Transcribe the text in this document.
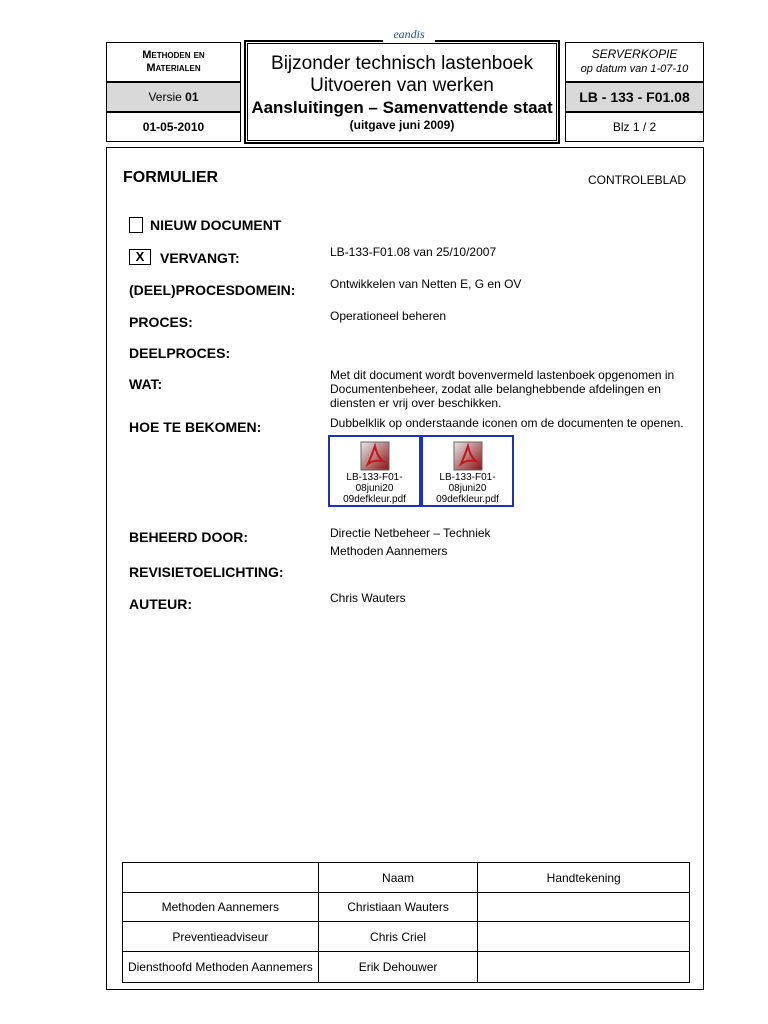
Methoden en
Materialen
Versie
01
01-05-2010
Bijzonder technisch lastenboek
Uitvoeren van werken
Aansluitingen – Samenvattende staat
(uitgave juni 2009)
eandis
SERVERKOPIE
op datum van 1-07-10
LB - 133 - F01.08
Blz 1 / 2
FORMULIER	CONTROLEBLAD
NIEUW DOCUMENT
X	VERVANGT:	LB-133-F01.08 van 25/10/2007
(DEEL)PROCESDOMEIN:	Ontwikkelen van Netten E, G en OV
PROCES:	Operationeel beheren
DEELPROCES:
WAT:
Met dit document wordt bovenvermeld lastenboek opgenomen in
Documentenbeheer, zodat alle belanghebbende afdelingen en
diensten er vrij over beschikken.
HOE TE BEKOMEN:	Dubbelklik op onderstaande iconen om de documenten te openen.
LB-133-F01-08juni20
09defkleur.pdf
LB-133-F01-08juni20
09defkleur.pdf
BEHEERD DOOR:	Directie Netbeheer – Techniek
Methoden Aannemers
REVISIETOELICHTING:
AUTEUR:	Chris Wauters
	Naam	Handtekening
Methoden Aannemers	Christiaan Wauters	
Preventieadviseur	Chris Criel	
Diensthoofd Methoden Aannemers	Erik Dehouwer	
